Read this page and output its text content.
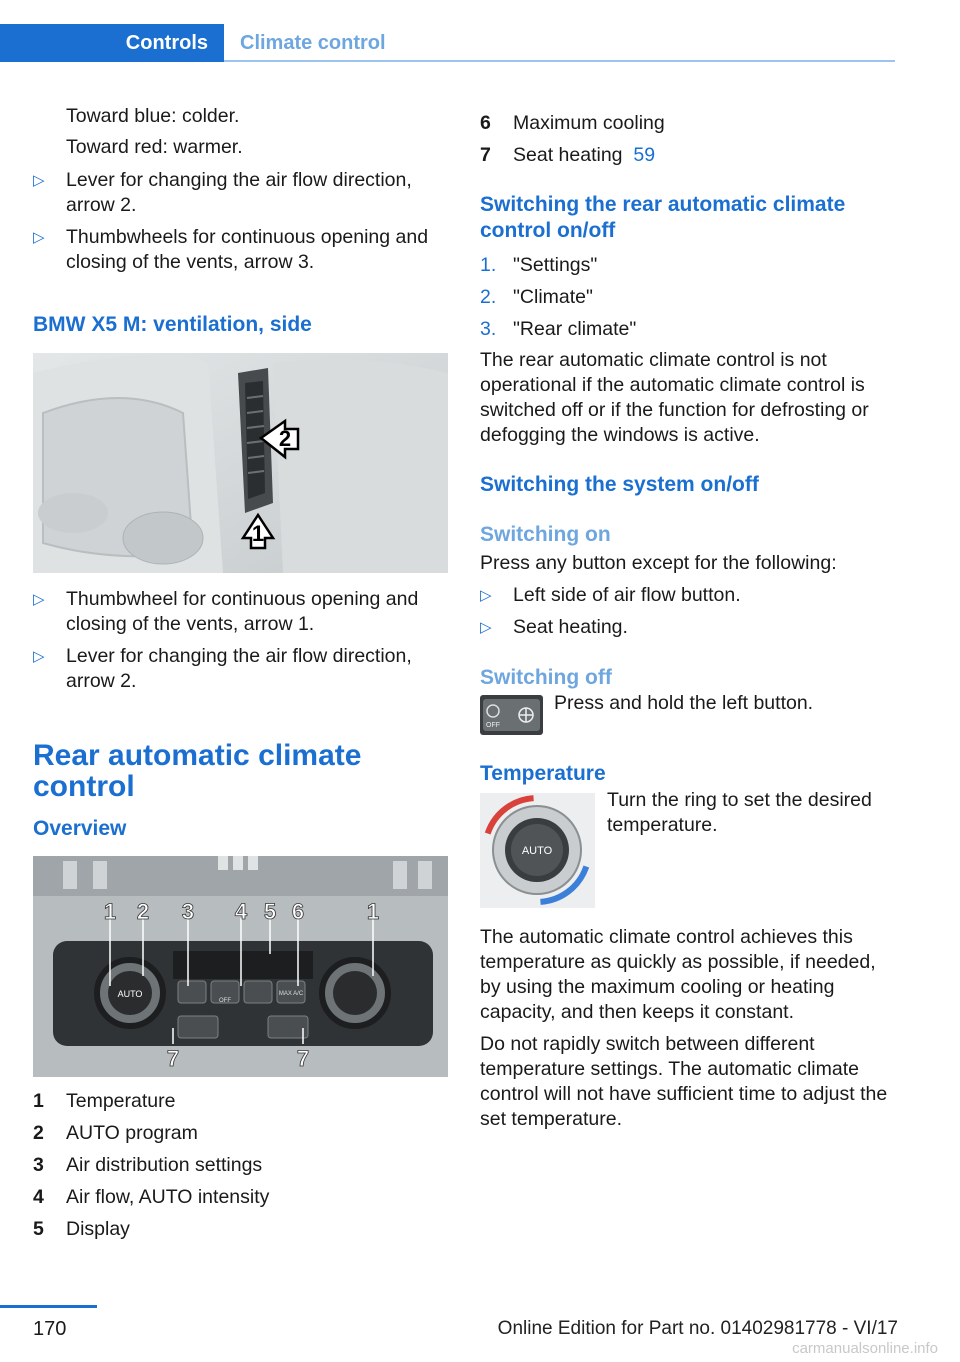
Controls	Climate control

Toward blue: colder.

Toward red: warmer.

▷ Lever for changing the air flow direction, arrow 2.
▷ Thumbwheels for continuous opening and closing of the vents, arrow 3.
BMW X5 M: ventilation, side
2
1
▷ Thumbwheel for continuous opening and closing of the vents, arrow 1.
▷ Lever for changing the air flow direction, arrow 2.
Rear automatic climate control
Overview
AUTO
OFF
MAX A/C
1 2 3 4 5 6	1
7	7
1 Temperature
2 AUTO program
3 Air distribution settings
4 Air flow, AUTO intensity
5 Display
6 Maximum cooling
7 Seat heating 59
Switching the rear automatic climate control on/off
1. "Settings"
2. "Climate"
3. "Rear climate"

The rear automatic climate control is not operational if the automatic climate control is switched off or if the function for defrosting or defogging the windows is active.

Switching the system on/off
Switching on

Press any button except for the following:

▷ Left side of air flow button.
▷ Seat heating.
Switching off
OFF

Press and hold the left button.

Temperature
AUTO

Turn the ring to set the desired temperature.

The automatic climate control achieves this temperature as quickly as possible, if needed, by using the maximum cooling or heating capacity, and then keeps it constant.

Do not rapidly switch between different temperature settings. The automatic climate control will not have sufficient time to adjust the set temperature.

170	Online Edition for Part no. 01402981778 - VI/17
carmanualsonline.info
